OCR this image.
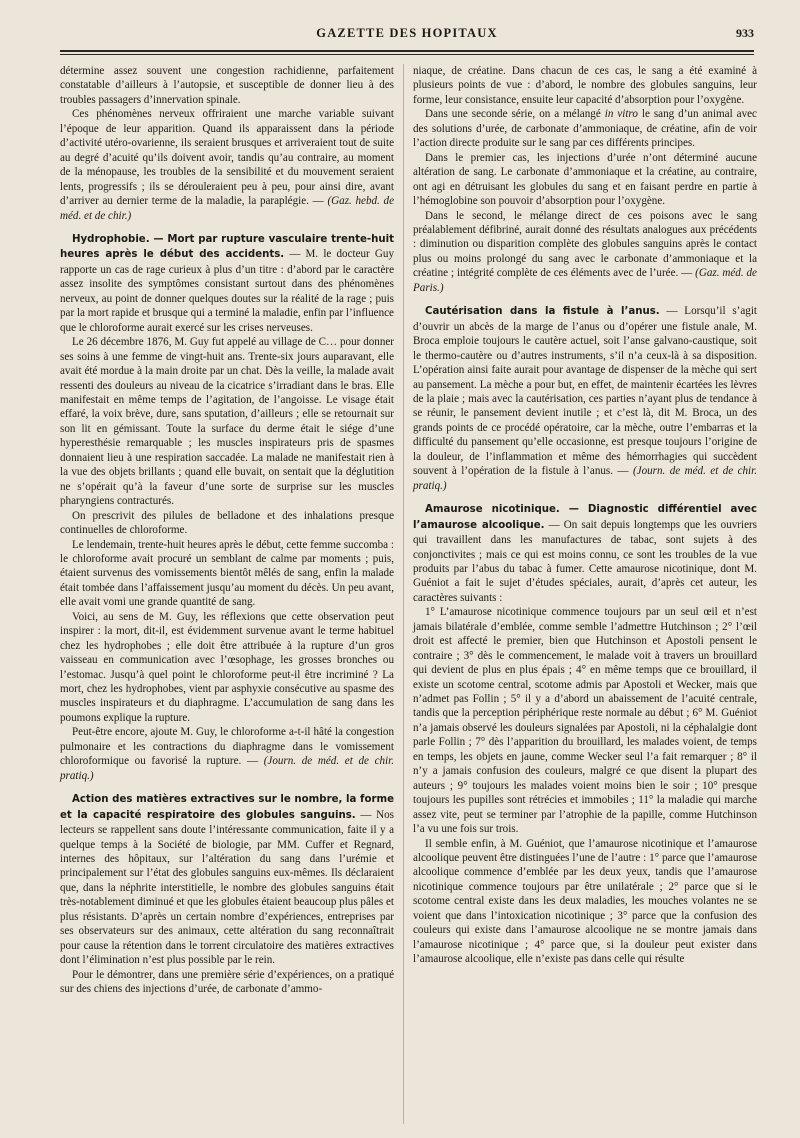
GAZETTE DES HOPITAUX	933

détermine assez souvent une congestion rachidienne, parfaitement constatable d’ailleurs à l’autopsie, et susceptible de donner lieu à des troubles passagers d’innervation spinale.

Ces phénomènes nerveux offriraient une marche variable suivant l’époque de leur apparition. Quand ils apparaissent dans la période d’activité utéro-ovarienne, ils seraient brusques et arriveraient tout de suite au degré d’acuité qu’ils doivent avoir, tandis qu’au contraire, au moment de la ménopause, les troubles de la sensibilité et du mouvement seraient lents, progressifs ; ils se dérouleraient peu à peu, pour ainsi dire, avant d’arriver au dernier terme de la maladie, la paraplégie. — (Gaz. hebd. de méd. et de chir.)

Hydrophobie. — Mort par rupture vasculaire trente-huit heures après le début des accidents. — M. le docteur Guy rapporte un cas de rage curieux à plus d’un titre : d’abord par le caractère assez insolite des symptômes consistant surtout dans des phénomènes nerveux, au point de donner quelques doutes sur la réalité de la rage ; puis par la mort rapide et brusque qui a terminé la maladie, enfin par l’influence que le chloroforme aurait exercé sur les crises nerveuses.

Le 26 décembre 1876, M. Guy fut appelé au village de C… pour donner ses soins à une femme de vingt-huit ans. Trente-six jours auparavant, elle avait été mordue à la main droite par un chat. Dès la veille, la malade avait ressenti des douleurs au niveau de la cicatrice s’irradiant dans le bras. Elle manifestait en même temps de l’agitation, de l’angoisse. Le visage était effaré, la voix brève, dure, sans sputation, d’ailleurs ; elle se retournait sur son lit en gémissant. Toute la surface du derme était le siége d’une hyperesthésie remarquable ; les muscles inspirateurs pris de spasmes donnaient lieu à une respiration saccadée. La malade ne manifestait rien à la vue des objets brillants ; quand elle buvait, on sentait que la déglutition ne s’opérait qu’à la faveur d’une sorte de surprise sur les muscles pharyngiens contracturés.

On prescrivit des pilules de belladone et des inhalations presque continuelles de chloroforme.

Le lendemain, trente-huit heures après le début, cette femme succomba : le chloroforme avait procuré un semblant de calme par moments ; puis, étaient survenus des vomissements bientôt mêlés de sang, enfin la malade était tombée dans l’affaissement jusqu’au moment du décès. Un peu avant, elle avait vomi une grande quantité de sang.

Voici, au sens de M. Guy, les réflexions que cette observation peut inspirer : la mort, dit-il, est évidemment survenue avant le terme habituel chez les hydrophobes ; elle doit être attribuée à la rupture d’un gros vaisseau en communication avec l’œsophage, les grosses bronches ou l’estomac. Jusqu’à quel point le chloroforme peut-il être incriminé ? La mort, chez les hydrophobes, vient par asphyxie consécutive au spasme des muscles inspirateurs et du diaphragme. L’accumulation de sang dans les poumons explique la rupture.

Peut-être encore, ajoute M. Guy, le chloroforme a-t-il hâté la congestion pulmonaire et les contractions du diaphragme dans le vomissement chloroformique ou favorisé la rupture. — (Journ. de méd. et de chir. pratiq.)

Action des matières extractives sur le nombre, la forme et la capacité respiratoire des globules sanguins. — Nos lecteurs se rappellent sans doute l’intéressante communication, faite il y a quelque temps à la Société de biologie, par MM. Cuffer et Regnard, internes des hôpitaux, sur l’altération du sang dans l’urémie et principalement sur l’état des globules sanguins eux-mêmes. Ils déclaraient que, dans la néphrite interstitielle, le nombre des globules sanguins était très-notablement diminué et que les globules étaient beaucoup plus pâles et plus résistants. D’après un certain nombre d’expériences, entreprises par ses observateurs sur des animaux, cette altération du sang reconnaîtrait pour cause la rétention dans le torrent circulatoire des matières extractives dont l’élimination n’est plus possible par le rein.

Pour le démontrer, dans une première série d’expériences, on a pratiqué sur des chiens des injections d’urée, de carbonate d’ammo-

niaque, de créatine. Dans chacun de ces cas, le sang a été examiné à plusieurs points de vue : d’abord, le nombre des globules sanguins, leur forme, leur consistance, ensuite leur capacité d’absorption pour l’oxygène.

Dans une seconde série, on a mélangé in vitro le sang d’un animal avec des solutions d’urée, de carbonate d’ammoniaque, de créatine, afin de voir l’action directe produite sur le sang par ces différents principes.

Dans le premier cas, les injections d’urée n’ont déterminé aucune altération de sang. Le carbonate d’ammoniaque et la créatine, au contraire, ont agi en détruisant les globules du sang et en faisant perdre en partie à l’hémoglobine son pouvoir d’absorption pour l’oxygène.

Dans le second, le mélange direct de ces poisons avec le sang préalablement défibriné, aurait donné des résultats analogues aux précédents : diminution ou disparition complète des globules sanguins après le contact plus ou moins prolongé du sang avec le carbonate d’ammoniaque et la créatine ; intégrité complète de ces éléments avec de l’urée. — (Gaz. méd. de Paris.)

Cautérisation dans la fistule à l’anus. — Lorsqu’il s’agit d’ouvrir un abcès de la marge de l’anus ou d’opérer une fistule anale, M. Broca emploie toujours le cautère actuel, soit l’anse galvano-caustique, soit le thermo-cautère ou d’autres instruments, s’il n’a ceux-là à sa disposition. L’opération ainsi faite aurait pour avantage de dispenser de la mèche qui sert au pansement. La mèche a pour but, en effet, de maintenir écartées les lèvres de la plaie ; mais avec la cautérisation, ces parties n’ayant plus de tendance à se réunir, le pansement devient inutile ; et c’est là, dit M. Broca, un des grands points de ce procédé opératoire, car la mèche, outre l’embarras et la difficulté du pansement qu’elle occasionne, est presque toujours l’origine de la douleur, de l’inflammation et même des hémorrhagies qui succèdent souvent à l’opération de la fistule à l’anus. — (Journ. de méd. et de chir. pratiq.)

Amaurose nicotinique. — Diagnostic différentiel avec l’amaurose alcoolique. — On sait depuis longtemps que les ouvriers qui travaillent dans les manufactures de tabac, sont sujets à des conjonctivites ; mais ce qui est moins connu, ce sont les troubles de la vue produits par l’abus du tabac à fumer. Cette amaurose nicotinique, dont M. Guéniot a fait le sujet d’études spéciales, aurait, d’après cet auteur, les caractères suivants :

1° L’amaurose nicotinique commence toujours par un seul œil et n’est jamais bilatérale d’emblée, comme semble l’admettre Hutchinson ; 2° l’œil droit est affecté le premier, bien que Hutchinson et Apostoli pensent le contraire ; 3° dès le commencement, le malade voit à travers un brouillard qui devient de plus en plus épais ; 4° en même temps que ce brouillard, il existe un scotome central, scotome admis par Apostoli et Wecker, mais que n’admet pas Follin ; 5° il y a d’abord un abaissement de l’acuité centrale, tandis que la perception périphérique reste normale au début ; 6° M. Guéniot n’a jamais observé les douleurs signalées par Apostoli, ni la céphalalgie dont parle Follin ; 7° dès l’apparition du brouillard, les malades voient, de temps en temps, les objets en jaune, comme Wecker seul l’a fait remarquer ; 8° il n’y a jamais confusion des couleurs, malgré ce que disent la plupart des auteurs ; 9° toujours les malades voient moins bien le soir ; 10° presque toujours les pupilles sont rétrécies et immobiles ; 11° la maladie qui marche assez vite, peut se terminer par l’atrophie de la papille, comme Hutchinson l’a vu une fois sur trois.

Il semble enfin, à M. Guéniot, que l’amaurose nicotinique et l’amaurose alcoolique peuvent être distinguées l’une de l’autre : 1° parce que l’amaurose alcoolique commence d’emblée par les deux yeux, tandis que l’amaurose nicotinique commence toujours par être unilatérale ; 2° parce que si le scotome central existe dans les deux maladies, les mouches volantes ne se voient que dans l’intoxication nicotinique ; 3° parce que la confusion des couleurs qui existe dans l’amaurose alcoolique ne se montre jamais dans l’amaurose nicotinique ; 4° parce que, si la douleur peut exister dans l’amaurose alcoolique, elle n’existe pas dans celle qui résulte
